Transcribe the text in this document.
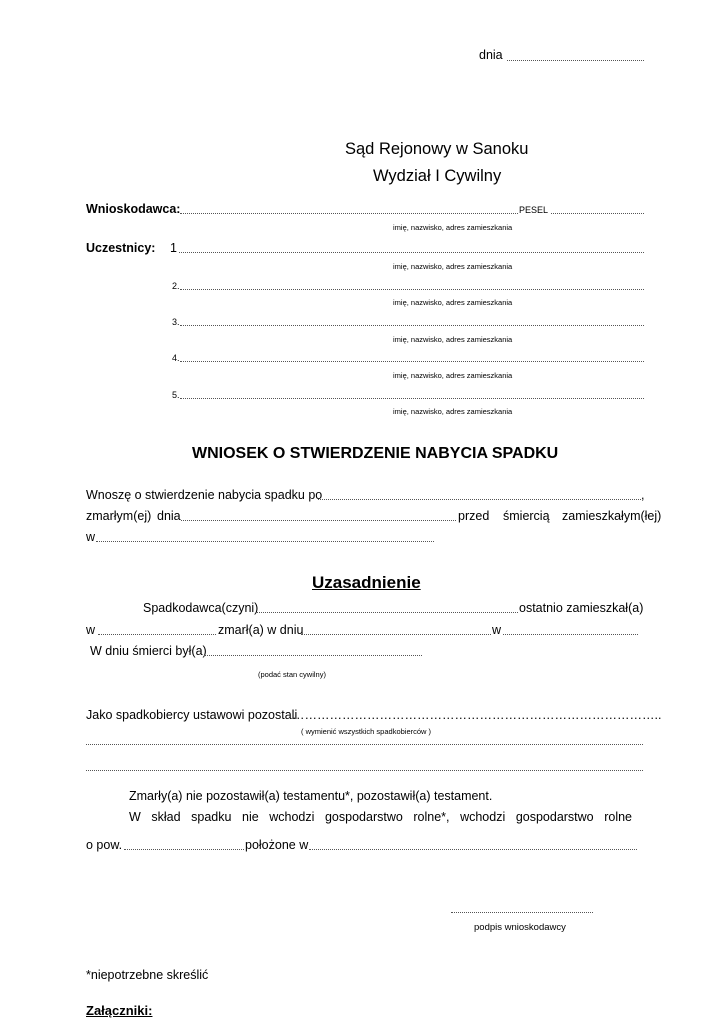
dnia
Sąd Rejonowy w Sanoku
Wydział I Cywilny
Wnioskodawca:	PESEL
imię, nazwisko, adres zamieszkania
Uczestnicy: 1
imię, nazwisko, adres zamieszkania
2.
imię, nazwisko, adres zamieszkania
3.
imię, nazwisko, adres zamieszkania
4.
imię, nazwisko, adres zamieszkania
5.
imię, nazwisko, adres zamieszkania
WNIOSEK O STWIERDZENIE NABYCIA SPADKU
Wnoszę o stwierdzenie nabycia spadku po	,
zmarłym(ej) dnia	przed śmiercią zamieszkałym(łej)
w
Uzasadnienie
Spadkodawca(czyni)	ostatnio zamieszkał(a)
w	zmarł(a) w dniu	w
W dniu śmierci był(a)
(podać stan cywilny)
Jako spadkobiercy ustawowi pozostali
……………………………………………………………………………..
( wymienić wszystkich spadkobierców )
Zmarły(a) nie pozostawił(a) testamentu*, pozostawił(a) testament.
W skład spadku nie wchodzi gospodarstwo rolne*, wchodzi gospodarstwo rolne
o pow.	położone w
podpis wnioskodawcy
*niepotrzebne skreślić
Załączniki:
